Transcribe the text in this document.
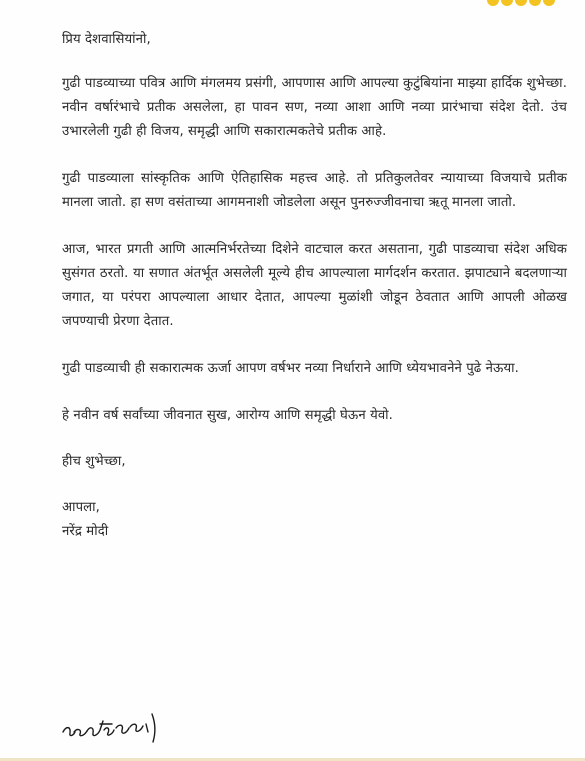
प्रिय देशवासियांनो,

गुढी पाडव्याच्या पवित्र आणि मंगलमय प्रसंगी, आपणास आणि आपल्या कुटुंबियांना माझ्या हार्दिक शुभेच्छा. नवीन वर्षारंभाचे प्रतीक असलेला, हा पावन सण, नव्या आशा आणि नव्या प्रारंभाचा संदेश देतो. उंच उभारलेली गुढी ही विजय, समृद्धी आणि सकारात्मकतेचे प्रतीक आहे.

गुढी पाडव्याला सांस्कृतिक आणि ऐतिहासिक महत्त्व आहे. तो प्रतिकुलतेवर न्यायाच्या विजयाचे प्रतीक मानला जातो. हा सण वसंताच्या आगमनाशी जोडलेला असून पुनरुज्जीवनाचा ऋतू मानला जातो.

आज, भारत प्रगती आणि आत्मनिर्भरतेच्या दिशेने वाटचाल करत असताना, गुढी पाडव्याचा संदेश अधिक सुसंगत ठरतो. या सणात अंतर्भूत असलेली मूल्ये हीच आपल्याला मार्गदर्शन करतात. झपाट्याने बदलणाऱ्या जगात, या परंपरा आपल्याला आधार देतात, आपल्या मुळांशी जोडून ठेवतात आणि आपली ओळख जपण्याची प्रेरणा देतात.

गुढी पाडव्याची ही सकारात्मक ऊर्जा आपण वर्षभर नव्या निर्धाराने आणि ध्येयभावनेने पुढे नेऊया.

हे नवीन वर्ष सर्वांच्या जीवनात सुख, आरोग्य आणि समृद्धी घेऊन येवो.

हीच शुभेच्छा,

आपला,

नरेंद्र मोदी
